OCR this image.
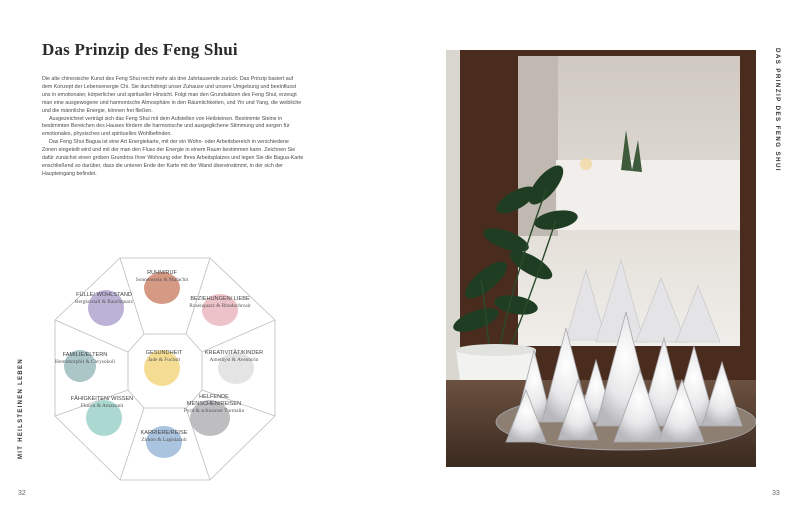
Das Prinzip des Feng Shui

Die alte chinesische Kunst des Feng Shui reicht mehr als drei Jahrtausende zurück. Das Prinzip basiert auf dem Konzept der Lebensenergie Chi. Sie durchdringt unser Zuhause und unsere Umgebung und beeinflusst uns in emotionaler, körperlicher und spiritueller Hinsicht. Folgt man den Grundsätzen des Feng Shui, erzeugt man eine ausgewogene und harmonische Atmosphäre in den Räumlichkeiten, und Yin und Yang, die weibliche und die männliche Energie, können frei fließen.

Ausgezeichnet verträgt sich das Feng Shui mit dem Aufstellen von Heilsteinen. Bestimmte Steine in bestimmten Bereichen des Hauses fördern die harmonische und ausgeglichene Stimmung und sorgen für emotionales, physisches und spirituelles Wohlbefinden.

Das Feng Shui Bagua ist eine Art Energiekarte, mit der ein Wohn- oder Arbeitsbereich in verschiedene Zonen eingeteilt wird und mit der man den Fluss der Energie in einem Raum bestimmen kann. Zeichnen Sie dafür zunächst einen groben Grundriss Ihrer Wohnung oder Ihres Arbeitsplatzes und legen Sie die Bagua-Karte enschließend so darüber, dass die unteren Ende der Karte mit der Wand übereinstimmt, in der sich der Haupteingang befindet.

RUHM/RUF
Sonnenstein & Malachit
BEZIEHUNGEN/ LIEBE
Rosenquarz & Rhodochrosit
KREATIVITÄT/KINDER
Amethyst & Aventurin
HELFENDE MENSCHEN/REISEN
Pyrit & schwarzer Turmalin
KARRIERE/REISE
Zirkon & Lapislazuli
FÄHIGKEITEN/ WISSEN
Fluorit & Amazonit
FAMILIE/ELTERN
Hemimorphit & Chrysokoll
FÜLLE/ WOHLSTAND
Bergkristall & Rauchquarz
GESUNDHEIT
Jade & Fuchsit
MIT HEILSTEINEN LEBEN
32
DAS PRINZIP DES FENG SHUI
33
